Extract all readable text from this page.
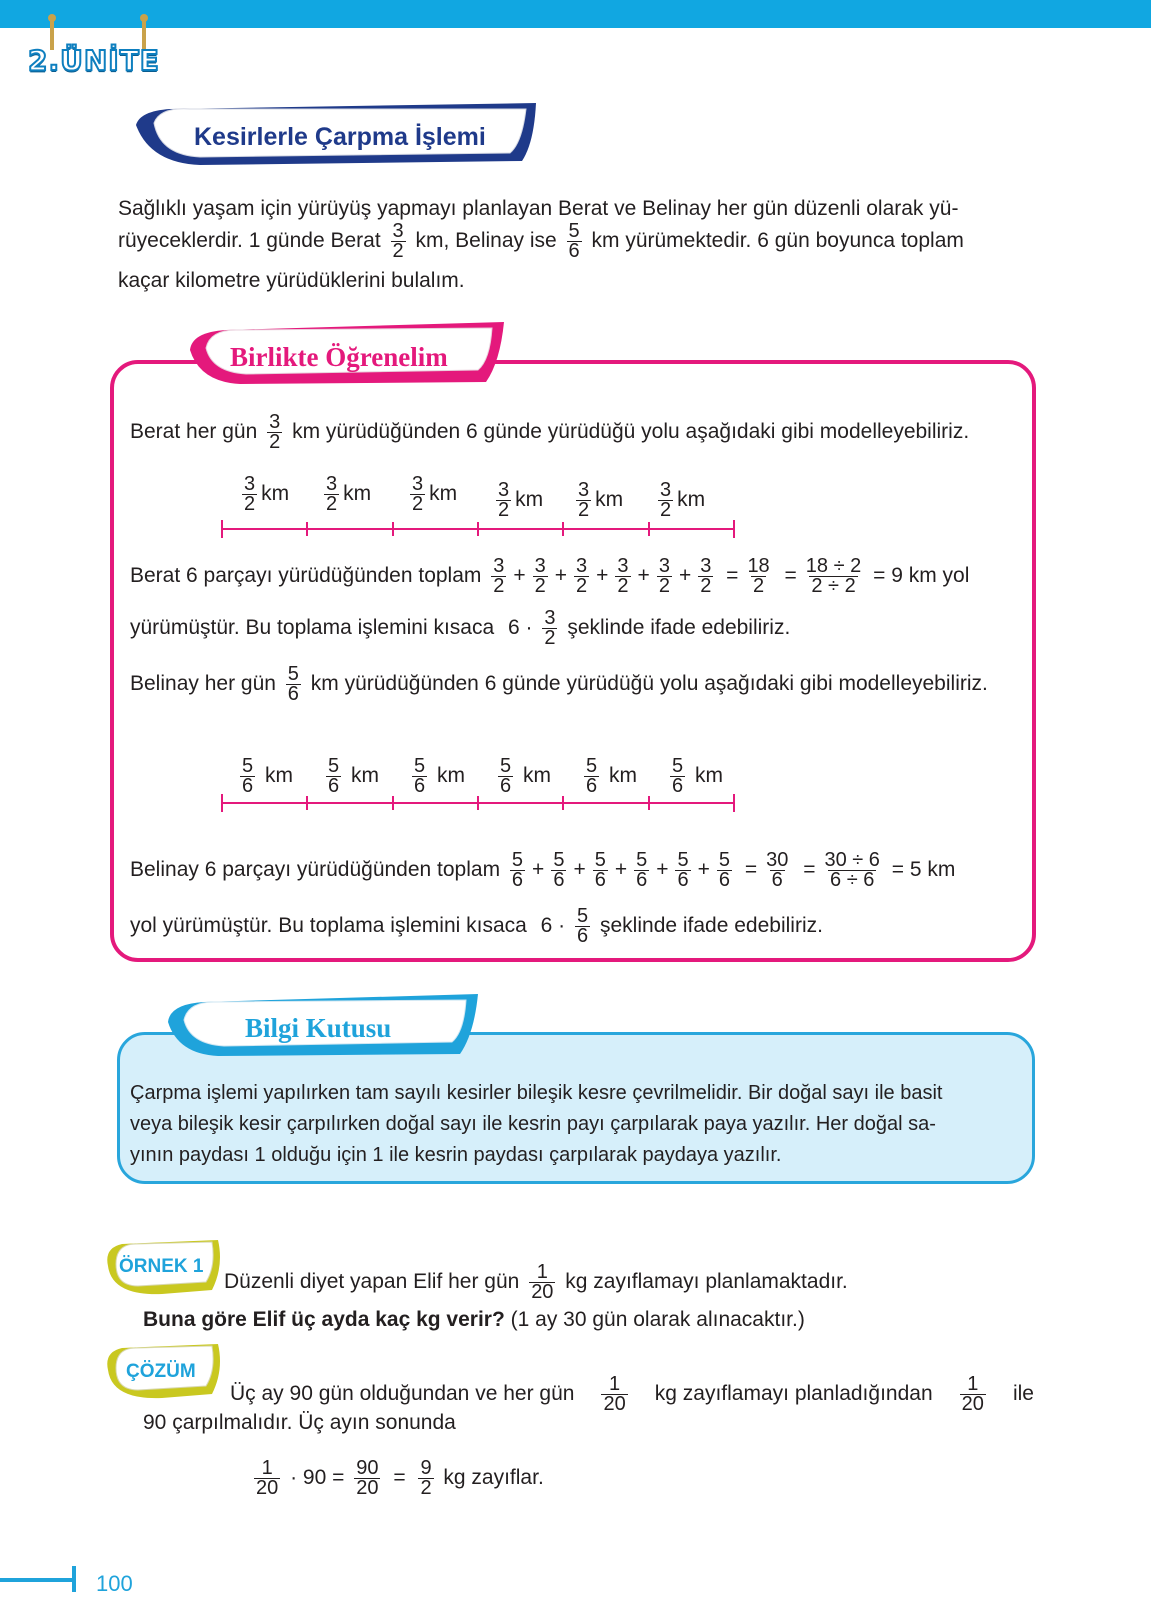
2.ÜNİTE
Kesirlerle Çarpma İşlemi
Sağlıklı yaşam için yürüyüş yapmayı planlayan Berat ve Belinay her gün düzenli olarak yü-
rüyeceklerdir. 1 günde Berat $\frac{3}{2}$ km, Belinay ise $\frac{5}{6}$ km yürümektedir. 6 gün boyunca toplam
kaçar kilometre yürüdüklerini bulalım.
Birlikte Öğrenelim
Berat her gün $\frac{3}{2}$ km yürüdüğünden 6 günde yürüdüğü yolu aşağıdaki gibi modelleyebiliriz.
$\frac{3}{2}$ km $\frac{3}{2}$ km $\frac{3}{2}$ km $\frac{3}{2}$ km $\frac{3}{2}$ km $\frac{3}{2}$ km
Berat 6 parçayı yürüdüğünden toplam $\frac{3}{2} + \frac{3}{2} + \frac{3}{2} + \frac{3}{2} + \frac{3}{2} + \frac{3}{2} = \frac{18}{2} = \frac{18 \div 2}{2 \div 2} = 9$ km yol
yürümüştür. Bu toplama işlemini kısaca $6 \cdot \frac{3}{2}$ şeklinde ifade edebiliriz.
Belinay her gün $\frac{5}{6}$ km yürüdüğünden 6 günde yürüdüğü yolu aşağıdaki gibi modelleyebiliriz.
$\frac{5}{6}$ km $\frac{5}{6}$ km $\frac{5}{6}$ km $\frac{5}{6}$ km $\frac{5}{6}$ km $\frac{5}{6}$ km
Belinay 6 parçayı yürüdüğünden toplam $\frac{5}{6} + \frac{5}{6} + \frac{5}{6} + \frac{5}{6} + \frac{5}{6} + \frac{5}{6} = \frac{30}{6} = \frac{30 \div 6}{6 \div 6} = 5$ km
yol yürümüştür. Bu toplama işlemini kısaca $6 \cdot \frac{5}{6}$ şeklinde ifade edebiliriz.
Bilgi Kutusu
Çarpma işlemi yapılırken tam sayılı kesirler bileşik kesre çevrilmelidir. Bir doğal sayı ile basit
veya bileşik kesir çarpılırken doğal sayı ile kesrin payı çarpılarak paya yazılır. Her doğal sa-
yının paydası 1 olduğu için 1 ile kesrin paydası çarpılarak paydaya yazılır.
ÖRNEK 1
Düzenli diyet yapan Elif her gün $\frac{1}{20}$ kg zayıflamayı planlamaktadır.
Buna göre Elif üç ayda kaç kg verir? (1 ay 30 gün olarak alınacaktır.)
ÇÖZÜM
Üç ay 90 gün olduğundan ve her gün $\frac{1}{20}$ kg zayıflamayı planladığından $\frac{1}{20}$ ile
90 çarpılmalıdır. Üç ayın sonunda
$\frac{1}{20} \cdot 90 = \frac{90}{20} = \frac{9}{2}$ kg zayıflar.
100
